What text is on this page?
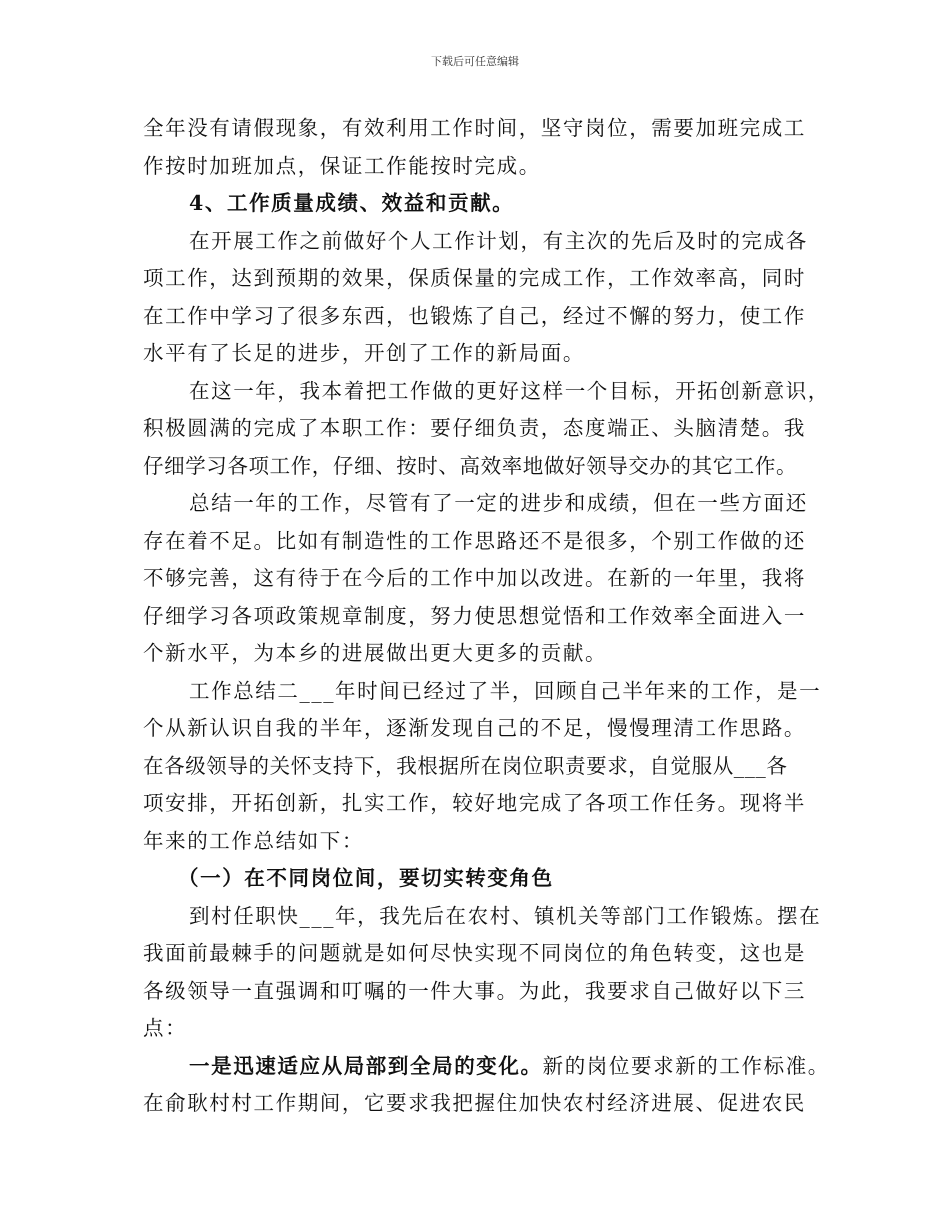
下载后可任意编辑
全年没有请假现象，有效利用工作时间，坚守岗位，需要加班完成工
作按时加班加点，保证工作能按时完成。
4、工作质量成绩、效益和贡献。
在开展工作之前做好个人工作计划，有主次的先后及时的完成各
项工作，达到预期的效果，保质保量的完成工作，工作效率高，同时
在工作中学习了很多东西，也锻炼了自己，经过不懈的努力，使工作
水平有了长足的进步，开创了工作的新局面。
在这一年，我本着把工作做的更好这样一个目标，开拓创新意识，
积极圆满的完成了本职工作：要仔细负责，态度端正、头脑清楚。我
仔细学习各项工作，仔细、按时、高效率地做好领导交办的其它工作。
总结一年的工作，尽管有了一定的进步和成绩，但在一些方面还
存在着不足。比如有制造性的工作思路还不是很多，个别工作做的还
不够完善，这有待于在今后的工作中加以改进。在新的一年里，我将
仔细学习各项政策规章制度，努力使思想觉悟和工作效率全面进入一
个新水平，为本乡的进展做出更大更多的贡献。
工作总结二___年时间已经过了半，回顾自己半年来的工作，是一
个从新认识自我的半年，逐渐发现自己的不足，慢慢理清工作思路。
在各级领导的关怀支持下，我根据所在岗位职责要求，自觉服从___各
项安排，开拓创新，扎实工作，较好地完成了各项工作任务。现将半
年来的工作总结如下：
（一）在不同岗位间，要切实转变角色
到村任职快___年，我先后在农村、镇机关等部门工作锻炼。摆在
我面前最棘手的问题就是如何尽快实现不同岗位的角色转变，这也是
各级领导一直强调和叮嘱的一件大事。为此，我要求自己做好以下三
点：
一是迅速适应从局部到全局的变化。新的岗位要求新的工作标准。
在俞耿村村工作期间，它要求我把握住加快农村经济进展、促进农民
